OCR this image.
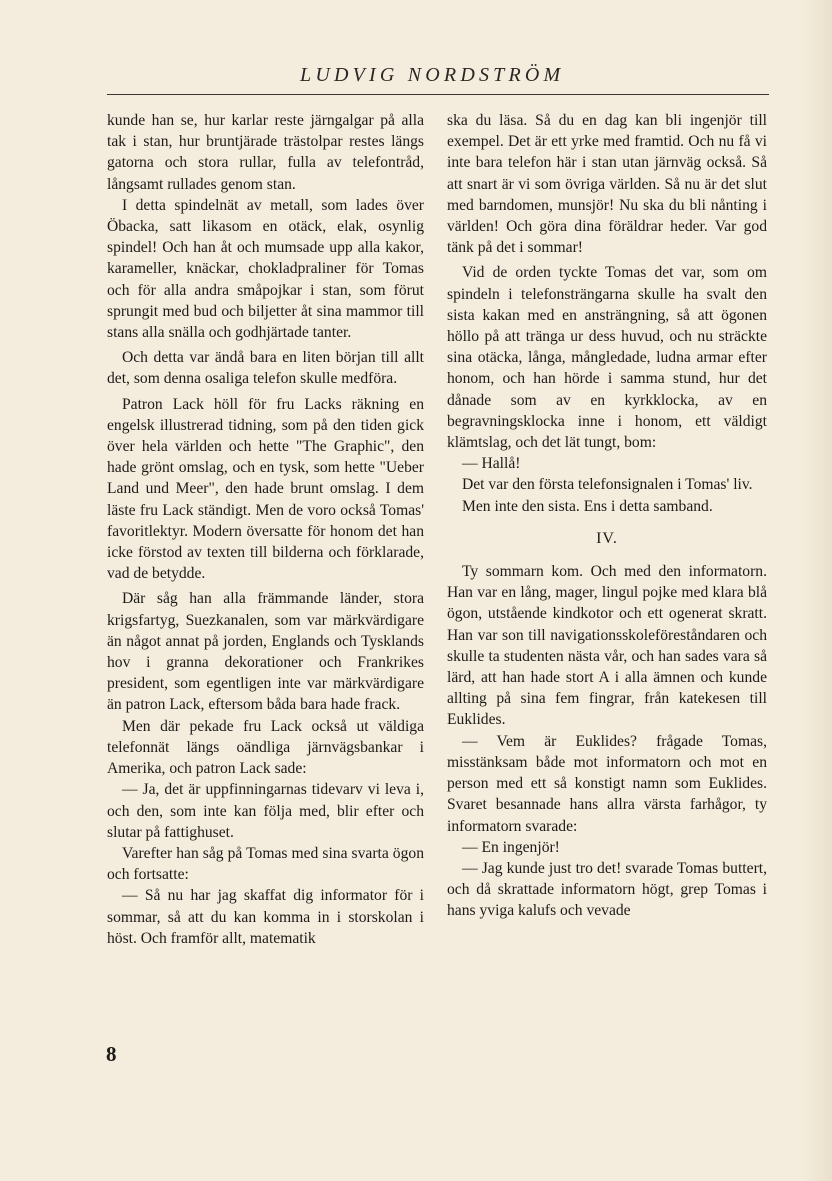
LUDVIG NORDSTRÖM

kunde han se, hur karlar reste järngalgar på alla tak i stan, hur bruntjärade trästolpar restes längs gatorna och stora rullar, fulla av telefontråd, långsamt rullades genom stan.

I detta spindelnät av metall, som lades över Öbacka, satt likasom en otäck, elak, osynlig spindel! Och han åt och mumsade upp alla kakor, karameller, knäckar, chokladpraliner för Tomas och för alla andra småpojkar i stan, som förut sprungit med bud och biljetter åt sina mammor till stans alla snälla och godhjärtade tanter.

Och detta var ändå bara en liten början till allt det, som denna osaliga telefon skulle medföra.

Patron Lack höll för fru Lacks räkning en engelsk illustrerad tidning, som på den tiden gick över hela världen och hette "The Graphic", den hade grönt omslag, och en tysk, som hette "Ueber Land und Meer", den hade brunt omslag. I dem läste fru Lack ständigt. Men de voro också Tomas' favoritlektyr. Modern översatte för honom det han icke förstod av texten till bilderna och förklarade, vad de betydde.

Där såg han alla främmande länder, stora krigsfartyg, Suezkanalen, som var märkvärdigare än något annat på jorden, Englands och Tysklands hov i granna dekorationer och Frankrikes president, som egentligen inte var märkvärdigare än patron Lack, eftersom båda bara hade frack.

Men där pekade fru Lack också ut väldiga telefonnät längs oändliga järnvägsbankar i Amerika, och patron Lack sade:

— Ja, det är uppfinningarnas tidevarv vi leva i, och den, som inte kan följa med, blir efter och slutar på fattighuset.

Varefter han såg på Tomas med sina svarta ögon och fortsatte:

— Så nu har jag skaffat dig informator för i sommar, så att du kan komma in i storskolan i höst. Och framför allt, matematik

ska du läsa. Så du en dag kan bli ingenjör till exempel. Det är ett yrke med framtid. Och nu få vi inte bara telefon här i stan utan järnväg också. Så att snart är vi som övriga världen. Så nu är det slut med barndomen, munsjör! Nu ska du bli nånting i världen! Och göra dina föräldrar heder. Var god tänk på det i sommar!

Vid de orden tyckte Tomas det var, som om spindeln i telefonsträngarna skulle ha svalt den sista kakan med en ansträngning, så att ögonen höllo på att tränga ur dess huvud, och nu sträckte sina otäcka, långa, mångledade, ludna armar efter honom, och han hörde i samma stund, hur det dånade som av en kyrkklocka, av en begravningsklocka inne i honom, ett väldigt klämtslag, och det lät tungt, bom:

— Hallå!

Det var den första telefonsignalen i Tomas' liv.

Men inte den sista. Ens i detta samband.

IV.

Ty sommarn kom. Och med den informatorn. Han var en lång, mager, lingul pojke med klara blå ögon, utstående kindkotor och ett ogenerat skratt. Han var son till navigationsskoleföreståndaren och skulle ta studenten nästa vår, och han sades vara så lärd, att han hade stort A i alla ämnen och kunde allting på sina fem fingrar, från katekesen till Euklides.

— Vem är Euklides? frågade Tomas, misstänksam både mot informatorn och mot en person med ett så konstigt namn som Euklides. Svaret besannade hans allra värsta farhågor, ty informatorn svarade:

— En ingenjör!

— Jag kunde just tro det! svarade Tomas buttert, och då skrattade informatorn högt, grep Tomas i hans yviga kalufs och vevade

8
